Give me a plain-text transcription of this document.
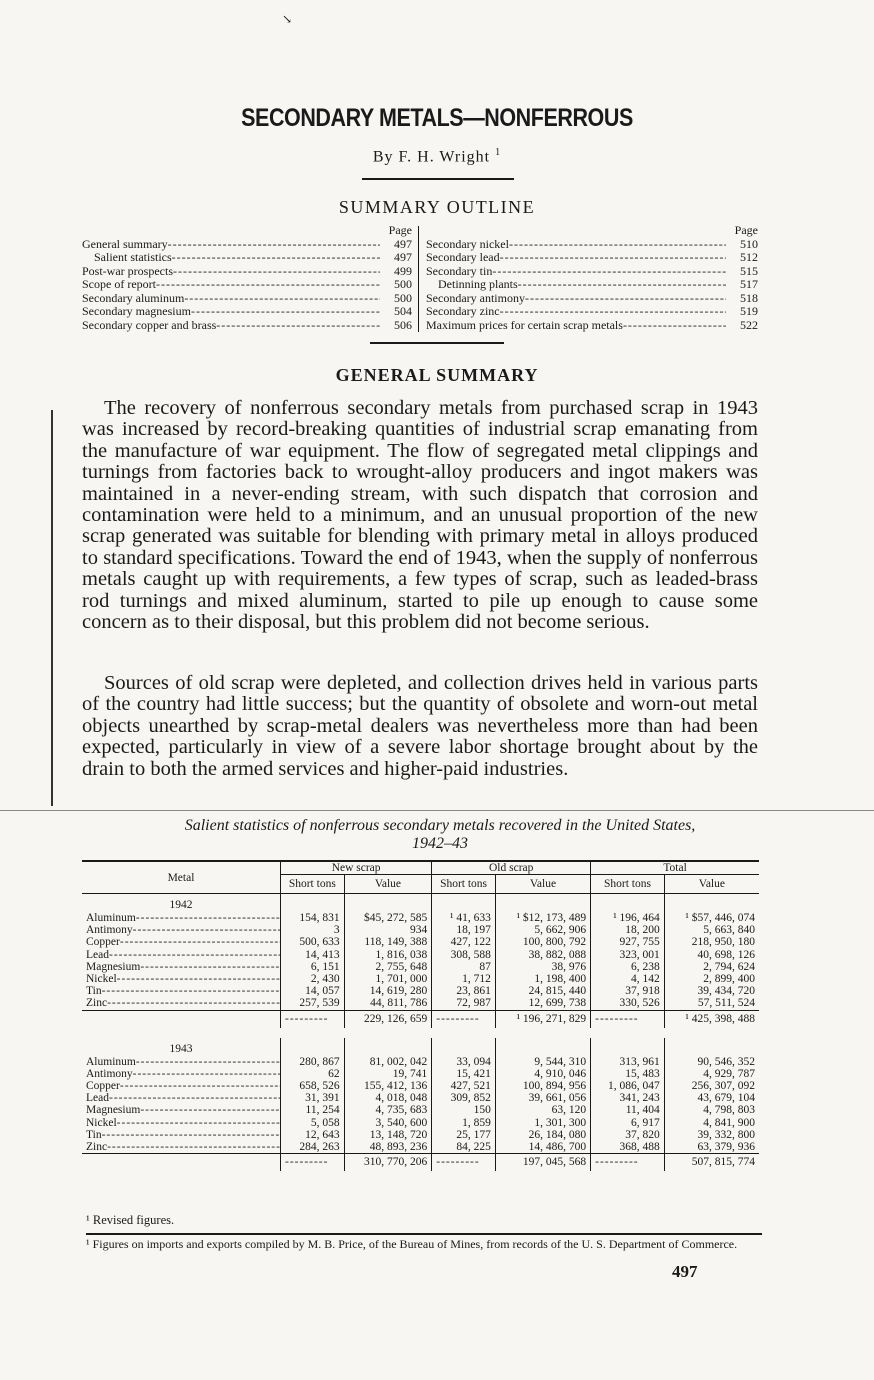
↘
SECONDARY METALS—NONFERROUS
By F. H. Wright $^1$
SUMMARY OUTLINE
Page
General summary -----	497
Salient statistics -----	497
Post-war prospects -----	499
Scope of report -----	500
Secondary aluminum -----	500
Secondary magnesium -----	504
Secondary copper and brass -----	506
Page
Secondary nickel -----	510
Secondary lead -----	512
Secondary tin -----	515
Detinning plants -----	517
Secondary antimony -----	518
Secondary zinc -----	519
Maximum prices for certain scrap metals -----	522
GENERAL SUMMARY
The recovery of nonferrous secondary metals from purchased scrap in 1943 was increased by record-breaking quantities of industrial scrap emanating from the manufacture of war equipment. The flow of segregated metal clippings and turnings from factories back to wrought-alloy producers and ingot makers was maintained in a never-ending stream, with such dispatch that corrosion and contamination were held to a minimum, and an unusual proportion of the new scrap generated was suitable for blending with primary metal in alloys produced to standard specifications. Toward the end of 1943, when the supply of nonferrous metals caught up with requirements, a few types of scrap, such as leaded-brass rod turnings and mixed aluminum, started to pile up enough to cause some concern as to their disposal, but this problem did not become serious.
Sources of old scrap were depleted, and collection drives held in various parts of the country had little success; but the quantity of obsolete and worn-out metal objects unearthed by scrap-metal dealers was nevertheless more than had been expected, particularly in view of a severe labor shortage brought about by the drain to both the armed services and higher-paid industries.
Salient statistics of nonferrous secondary metals recovered in the United States,
1942–43
Metal	New scrap		Old scrap		Total	
	Short tons	Value	Short tons	Value	Short tons	Value
1942						
Aluminum -----	154, 831	$45, 272, 585	¹ 41, 633	¹ $12, 173, 489	¹ 196, 464	¹ $57, 446, 074
Antimony -----	3	934	18, 197	5, 662, 906	18, 200	5, 663, 840
Copper -----	500, 633	118, 149, 388	427, 122	100, 800, 792	927, 755	218, 950, 180
Lead -----	14, 413	1, 816, 038	308, 588	38, 882, 088	323, 001	40, 698, 126
Magnesium -----	6, 151	2, 755, 648	87	38, 976	6, 238	2, 794, 624
Nickel -----	2, 430	1, 701, 000	1, 712	1, 198, 400	4, 142	2, 899, 400
Tin -----	14, 057	14, 619, 280	23, 861	24, 815, 440	37, 918	39, 434, 720
Zinc -----	257, 539	44, 811, 786	72, 987	12, 699, 738	330, 526	57, 511, 524
	-----	229, 126, 659	-----	¹ 196, 271, 829	-----	¹ 425, 398, 488

1943						
Aluminum -----	280, 867	81, 002, 042	33, 094	9, 544, 310	313, 961	90, 546, 352
Antimony -----	62	19, 741	15, 421	4, 910, 046	15, 483	4, 929, 787
Copper -----	658, 526	155, 412, 136	427, 521	100, 894, 956	1, 086, 047	256, 307, 092
Lead -----	31, 391	4, 018, 048	309, 852	39, 661, 056	341, 243	43, 679, 104
Magnesium -----	11, 254	4, 735, 683	150	63, 120	11, 404	4, 798, 803
Nickel -----	5, 058	3, 540, 600	1, 859	1, 301, 300	6, 917	4, 841, 900
Tin -----	12, 643	13, 148, 720	25, 177	26, 184, 080	37, 820	39, 332, 800
Zinc -----	284, 263	48, 893, 236	84, 225	14, 486, 700	368, 488	63, 379, 936
	-----	310, 770, 206	-----	197, 045, 568	-----	507, 815, 774
¹ Revised figures.
¹ Figures on imports and exports compiled by M. B. Price, of the Bureau of Mines, from records of the U. S. Department of Commerce.
497
